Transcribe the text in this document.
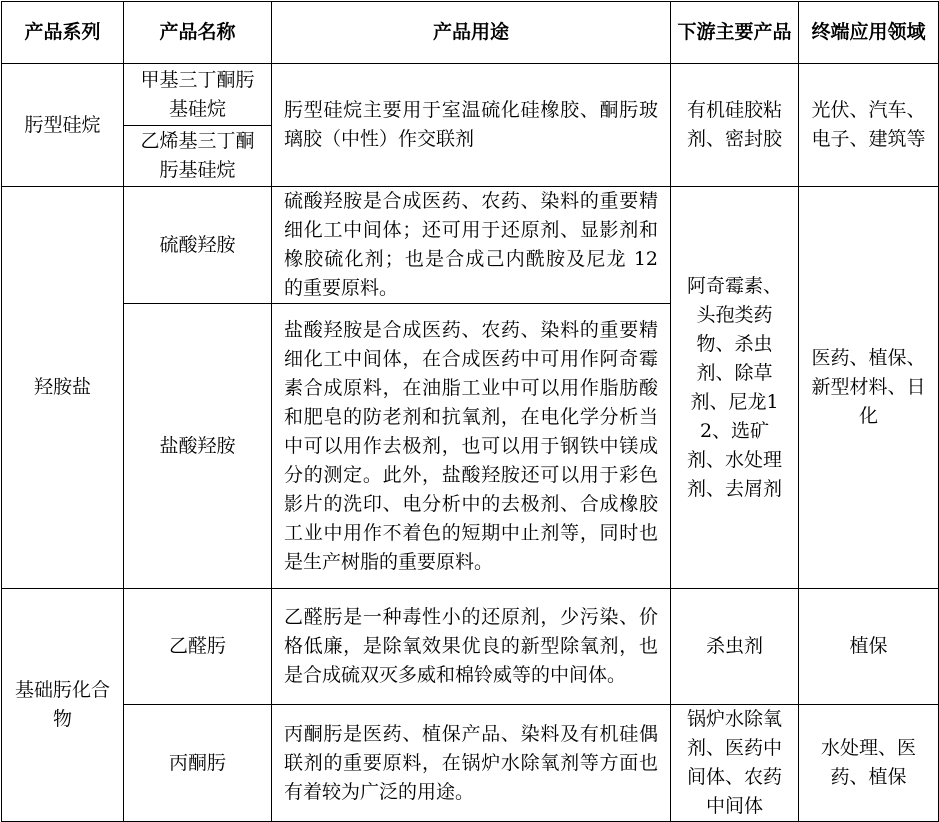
产品系列	产品名称	产品用途	下游主要产品	终端应用领域
肟型硅烷	甲基三丁酮肟基硅烷	肟型硅烷主要用于室温硫化硅橡胶、酮肟玻璃胶（中性）作交联剂	有机硅胶粘剂、密封胶	光伏、汽车、电子、建筑等
	乙烯基三丁酮肟基硅烷			
羟胺盐	硫酸羟胺	硫酸羟胺是合成医药、农药、染料的重要精细化工中间体；还可用于还原剂、显影剂和橡胶硫化剂；也是合成己内酰胺及尼龙 12 的重要原料。	阿奇霉素、头孢类药物、杀虫剂、除草剂、尼龙12、选矿剂、水处理剂、去屑剂	医药、植保、新型材料、日化
	盐酸羟胺	盐酸羟胺是合成医药、农药、染料的重要精细化工中间体，在合成医药中可用作阿奇霉素合成原料，在油脂工业中可以用作脂肪酸和肥皂的防老剂和抗氧剂，在电化学分析当中可以用作去极剂，也可以用于钢铁中镁成分的测定。此外，盐酸羟胺还可以用于彩色影片的洗印、电分析中的去极剂、合成橡胶工业中用作不着色的短期中止剂等，同时也是生产树脂的重要原料。		
基础肟化合物	乙醛肟	乙醛肟是一种毒性小的还原剂，少污染、价格低廉，是除氧效果优良的新型除氧剂，也是合成硫双灭多威和棉铃威等的中间体。	杀虫剂	植保
	丙酮肟	丙酮肟是医药、植保产品、染料及有机硅偶联剂的重要原料，在锅炉水除氧剂等方面也有着较为广泛的用途。	锅炉水除氧剂、医药中间体、农药中间体	水处理、医药、植保
